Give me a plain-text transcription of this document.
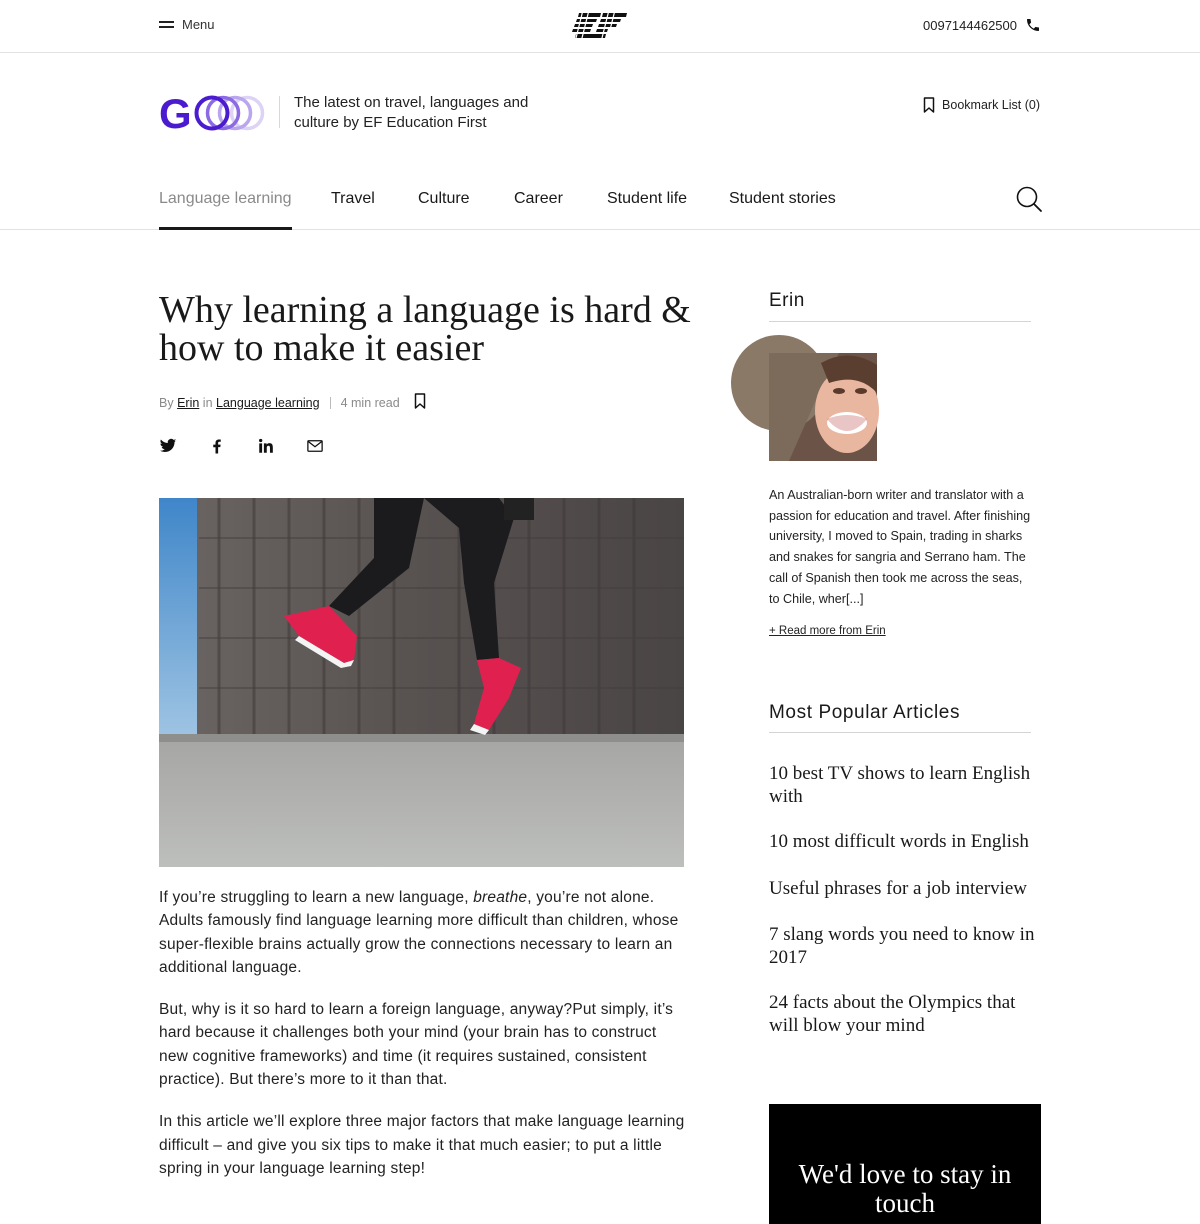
Menu	0097144462500
G	The latest on travel, languages and culture by EF Education First
Bookmark List (0)
Language learning Travel	Culture	Career	Student life	Student stories
Why learning a language is hard & how to make it easier
By
Erin
in
Language learning 4 min read

If you’re struggling to learn a new language, breathe, you’re not alone. Adults famously find language learning more difficult than children, whose super-flexible brains actually grow the connections necessary to learn an additional language.

But, why is it so hard to learn a foreign language, anyway?Put simply, it’s hard because it challenges both your mind (your brain has to construct new cognitive frameworks) and time (it requires sustained, consistent practice). But there’s more to it than that.

In this article we’ll explore three major factors that make language learning difficult – and give you six tips to make it that much easier; to put a little spring in your language learning step!

Erin
An Australian-born writer and translator with a passion for education and travel. After finishing university, I moved to Spain, trading in sharks and snakes for sangria and Serrano ham. The call of Spanish then took me across the seas, to Chile, wher[...]
+ Read more from Erin
Most Popular Articles
10 best TV shows to learn English with
10 most difficult words in English
Useful phrases for a job interview
7 slang words you need to know in 2017
24 facts about the Olympics that will blow your mind
We'd love to stay in touch
